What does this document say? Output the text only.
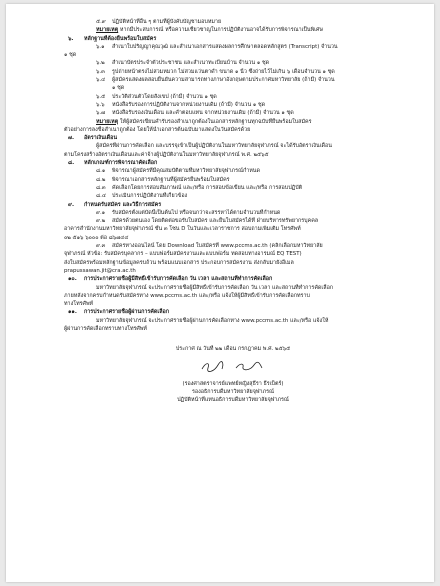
๕.๙ ปฏิบัติหน้าที่อื่น ๆ ตามที่ผู้บังคับบัญชามอบหมาย
หมายเหตุ หากมีประสบการณ์ หรือความเชี่ยวชาญในการปฏิบัติงานอาจได้รับการพิจารณาเป็นพิเศษ
๖. หลักฐานที่ต้องยื่นพร้อมใบสมัคร
๖.๑ สำเนาใบปริญญาคุณวุฒิ และสำเนาเอกสารแสดงผลการศึกษาตลอดหลักสูตร (Transcript) จำนวน
๑ ชุด
๖.๒ สำเนาบัตรประจำตัวประชาชน และสำเนาทะเบียนบ้าน จำนวน ๑ ชุด
๖.๓ รูปถ่ายหน้าตรงไม่สวมหมวก ไม่สวมแว่นตาดำ ขนาด ๑ นิ้ว ซึ่งถ่ายไว้ไม่เกิน ๖ เดือนจำนวน ๑ ชุด
๖.๔ ผู้สมัครแสดงผลสอบยืนยันความสามารถทางภาษาอังกฤษตามประกาศมหาวิทยาลัย (ถ้ามี) จำนวน
๑ ชุด
๖.๕ ประวัติส่วนตัวโดยสังเขป (ถ้ามี) จำนวน ๑ ชุด
๖.๖ หนังสือรับรองการปฏิบัติงานจากหน่วยงานเดิม (ถ้ามี) จำนวน ๑ ชุด
๖.๗ หนังสือรับรองเงินเดือน และคำตอบแทน จากหน่วยงานเดิม (ถ้ามี) จำนวน ๑ ชุด
หมายเหตุ ให้ผู้สมัครเขียนคำรับรองสำเนาถูกต้องในเอกสารหลักฐานทุกฉบับที่ยื่นพร้อมใบสมัคร
ตัวอย่างการลงชื่อสำเนาถูกต้อง โดยให้นำเอกสารต้นฉบับมาแสดงในวันสมัครด้วย
๗. อัตราเงินเดือน
ผู้สมัครที่ผ่านการคัดเลือก และบรรจุเข้าเป็นผู้ปฏิบัติงานในมหาวิทยาลัยจุฬาภรณ์ จะได้รับอัตราเงินเดือน
ตามโครงสร้างอัตราเงินเดือนและค่าจ้างผู้ปฏิบัติงานในมหาวิทยาลัยจุฬาภรณ์ พ.ศ. ๒๕๖๕
๘. หลักเกณฑ์การพิจารณาคัดเลือก
๘.๑ พิจารณาผู้สมัครที่มีคุณสมบัติตามที่มหาวิทยาลัยจุฬาภรณ์กำหนด
๘.๒ พิจารณาเอกสารหลักฐานที่ผู้สมัครยื่นพร้อมใบสมัคร
๘.๓ คัดเลือกโดยการสอบสัมภาษณ์ และ/หรือ การสอบข้อเขียน และ/หรือ การสอบปฏิบัติ
๘.๔ ประเมินการปฏิบัติงานที่เกี่ยวข้อง
๙. กำหนดรับสมัคร และวิธีการสมัคร
๙.๑ รับสมัครตั้งแต่บัดนี้เป็นต้นไป หรือจนกว่าจะสรรหาได้ตามจำนวนที่กำหนด
๙.๒ สมัครด้วยตนเอง โดยติดต่อขอรับใบสมัคร และยื่นใบสมัครได้ที่ ฝ่ายบริหารทรัพยากรบุคคล
อาคารสำนักงานมหาวิทยาลัยจุฬาภรณ์ ชั้น ๓ โซน D ในวันและเวลาราชการ สอบถามเพิ่มเติม โทรศัพท์
๐๒ ๕๑๖ ๖๐๐๐ ต่อ ๘๖๗๔๔
๙.๓ สมัครทางออนไลน์ โดย Download ใบสมัครที่ www.pccms.ac.th (คลิกเลือกมหาวิทยาลัย
จุฬาภรณ์ หัวข้อ: รับสมัครบุคลากร – แบบฟอร์มสมัครงานและแบบฟอร์ม ทดสอบทางอารมณ์ EQ TEST)
ส่งใบสมัครพร้อมหลักฐานข้อมูลครบถ้วน พร้อมแนบเอกสาร ประกอบการสมัครงาน ส่งกลับมายังอีเมล
prapussawan.jit@cra.ac.th
๑๐. การประกาศรายชื่อผู้มีสิทธิ์เข้ารับการคัดเลือก วัน เวลา และสถานที่ทำการคัดเลือก
มหาวิทยาลัยจุฬาภรณ์ จะประกาศรายชื่อผู้มีสิทธิ์เข้ารับการคัดเลือก วัน เวลา และสถานที่ทำการคัดเลือก
ภายหลังจากครบกำหนดรับสมัครทาง www.pccms.ac.th และ/หรือ แจ้งให้ผู้มีสิทธิ์เข้ารับการคัดเลือกทราบ
ทางโทรศัพท์
๑๑. การประกาศรายชื่อผู้ผ่านการคัดเลือก
มหาวิทยาลัยจุฬาภรณ์ จะประกาศรายชื่อผู้ผ่านการคัดเลือกทาง www.pccms.ac.th และ/หรือ แจ้งให้
ผู้ผ่านการคัดเลือกทราบทางโทรศัพท์
ประกาศ ณ วันที่ ๒๒ เดือน กรกฎาคม พ.ศ. ๒๕๖๕
(รองศาสตราจารย์แพทย์หญิงสุธีรา ธีรเบ็ตร์)
รองอธิการบดีมหาวิทยาลัยจุฬาภรณ์
ปฏิบัติหน้าที่แทนอธิการบดีมหาวิทยาลัยจุฬาภรณ์
